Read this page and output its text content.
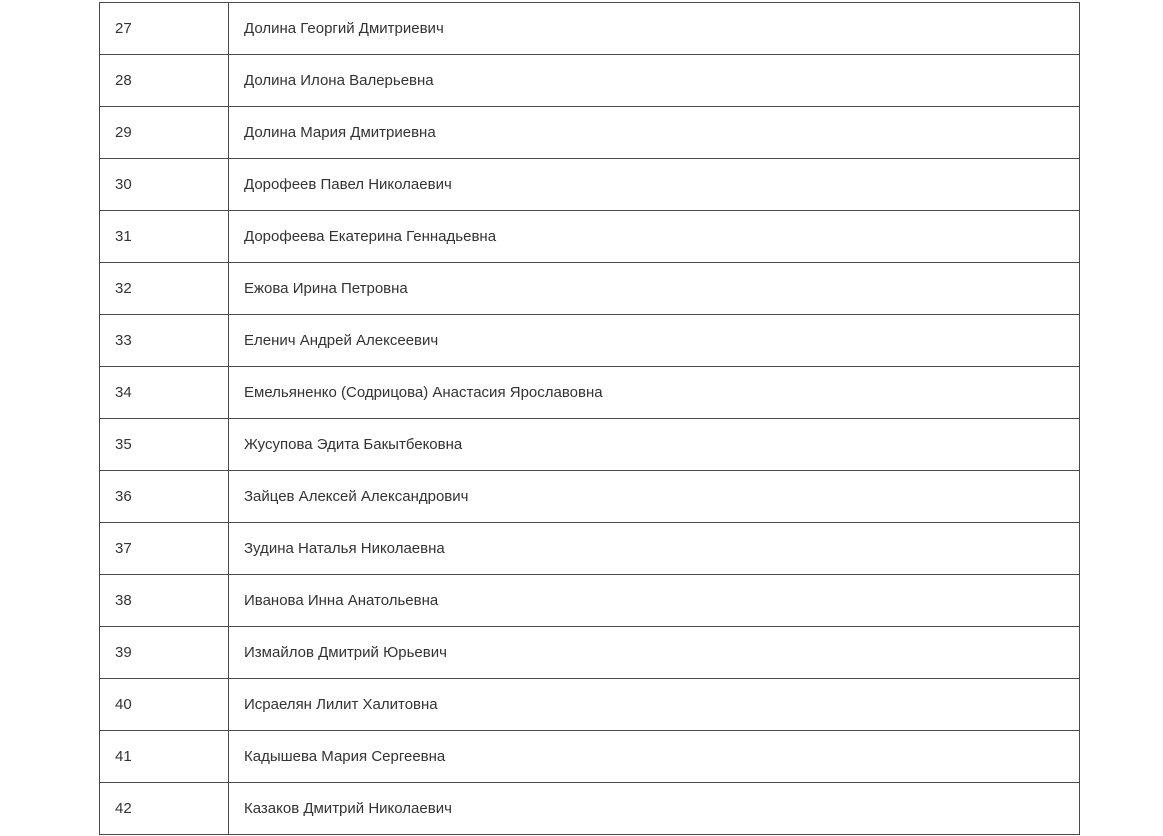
27	Долина Георгий Дмитриевич
28	Долина Илона Валерьевна
29	Долина Мария Дмитриевна
30	Дорофеев Павел Николаевич
31	Дорофеева Екатерина Геннадьевна
32	Ежова Ирина Петровна
33	Еленич Андрей Алексеевич
34	Емельяненко (Содрицова) Анастасия Ярославовна
35	Жусупова Эдита Бакытбековна
36	Зайцев Алексей Александрович
37	Зудина Наталья Николаевна
38	Иванова Инна Анатольевна
39	Измайлов Дмитрий Юрьевич
40	Исраелян Лилит Халитовна
41	Кадышева Мария Сергеевна
42	Казаков Дмитрий Николаевич
